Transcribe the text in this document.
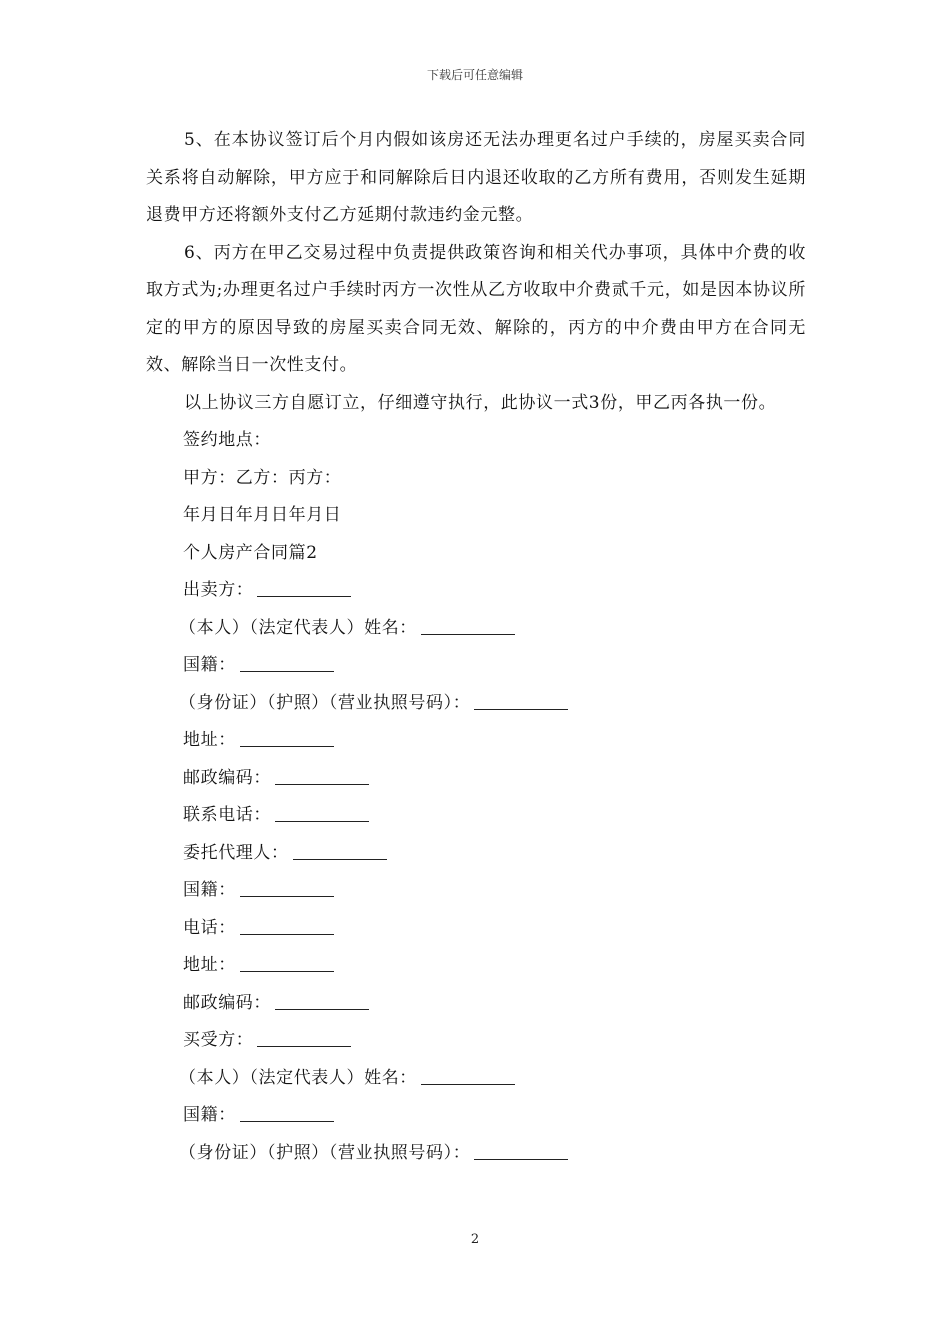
下载后可任意编辑

5、在本协议签订后个月内假如该房还无法办理更名过户手续的，房屋买卖合同关系将自动解除，甲方应于和同解除后日内退还收取的乙方所有费用，否则发生延期退费甲方还将额外支付乙方延期付款违约金元整。

6、丙方在甲乙交易过程中负责提供政策咨询和相关代办事项，具体中介费的收取方式为;办理更名过户手续时丙方一次性从乙方收取中介费贰千元，如是因本协议所定的甲方的原因导致的房屋买卖合同无效、解除的，丙方的中介费由甲方在合同无效、解除当日一次性支付。

以上协议三方自愿订立，仔细遵守执行，此协议一式3份，甲乙丙各执一份。

签约地点：

甲方：乙方：丙方：

年月日年月日年月日

个人房产合同篇2

出卖方：

（本人）（法定代表人）姓名：

国籍：

（身份证）（护照）（营业执照号码）：

地址：

邮政编码：

联系电话：

委托代理人：

国籍：

电话：

地址：

邮政编码：

买受方：

（本人）（法定代表人）姓名：

国籍：

（身份证）（护照）（营业执照号码）：

2
